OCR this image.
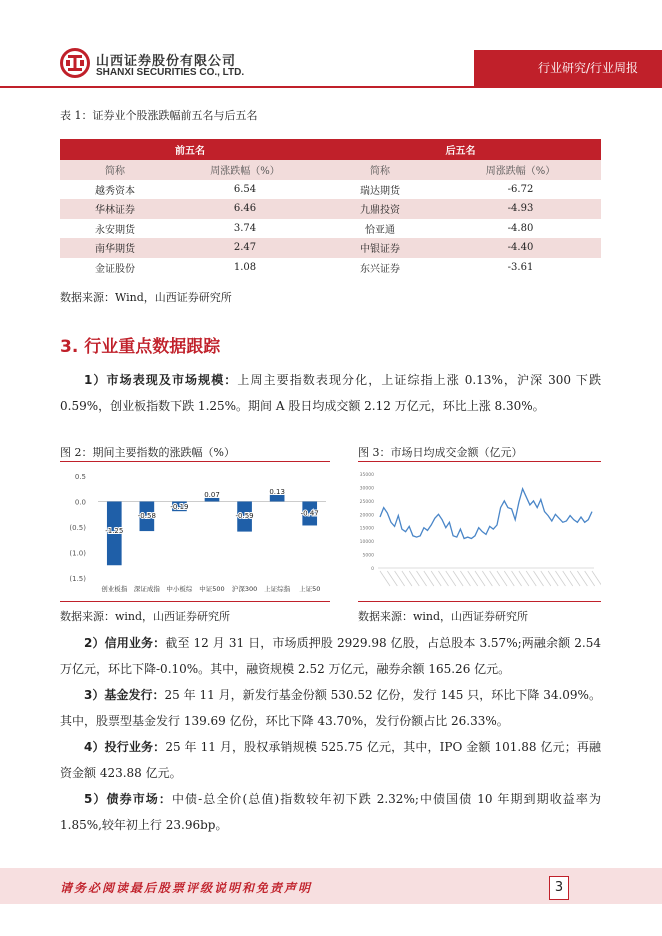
山西证券股份有限公司
SHANXI SECURITIES CO., LTD.	行业研究/行业周报
表 1：证券业个股涨跌幅前五名与后五名
前五名		后五名	
简称	周涨跌幅（%）	简称	周涨跌幅（%）
越秀资本	6.54	瑞达期货	-6.72
华林证券	6.46	九鼎投资	-4.93
永安期货	3.74	恰亚通	-4.80
南华期货	2.47	中银证券	-4.40
金证股份	1.08	东兴证券	-3.61
数据来源：Wind，山西证券研究所
3. 行业重点数据跟踪
1）市场表现及市场规模：上周主要指数表现分化，上证综指上涨 0.13%，沪深 300 下跌 0.59%，创业板指数下跌 1.25%。期间 A 股日均成交额 2.12 万亿元，环比上涨 8.30%。
图 2：期间主要指数的涨跌幅（%）	图 3：市场日均成交金额（亿元）
0.5
0.0
(0.5)
(1.0)
(1.5)
-1.25
创业板指
-0.58
深证成指
-0.19
中小板综
0.07
中证500
-0.59
沪深300
0.13
上证综指
-0.47
上证50
35000
30000
25000
20000
15000
10000
5000
0
数据来源：wind，山西证券研究所	数据来源：wind，山西证券研究所
2）信用业务：截至 12 月 31 日，市场质押股 2929.98 亿股，占总股本 3.57%;两融余额 2.54 万亿元，环比下降-0.10%。其中，融资规模 2.52 万亿元，融券余额 165.26 亿元。
3）基金发行：25 年 11 月，新发行基金份额 530.52 亿份，发行 145 只，环比下降 34.09%。其中，股票型基金发行 139.69 亿份，环比下降 43.70%，发行份额占比 26.33%。
4）投行业务：25 年 11 月，股权承销规模 525.75 亿元，其中，IPO 金额 101.88 亿元；再融资金额 423.88 亿元。
5）债券市场：中债-总全价(总值)指数较年初下跌 2.32%;中债国债 10 年期到期收益率为 1.85%,较年初上行 23.96bp。
请务必阅读最后股票评级说明和免责声明	3
